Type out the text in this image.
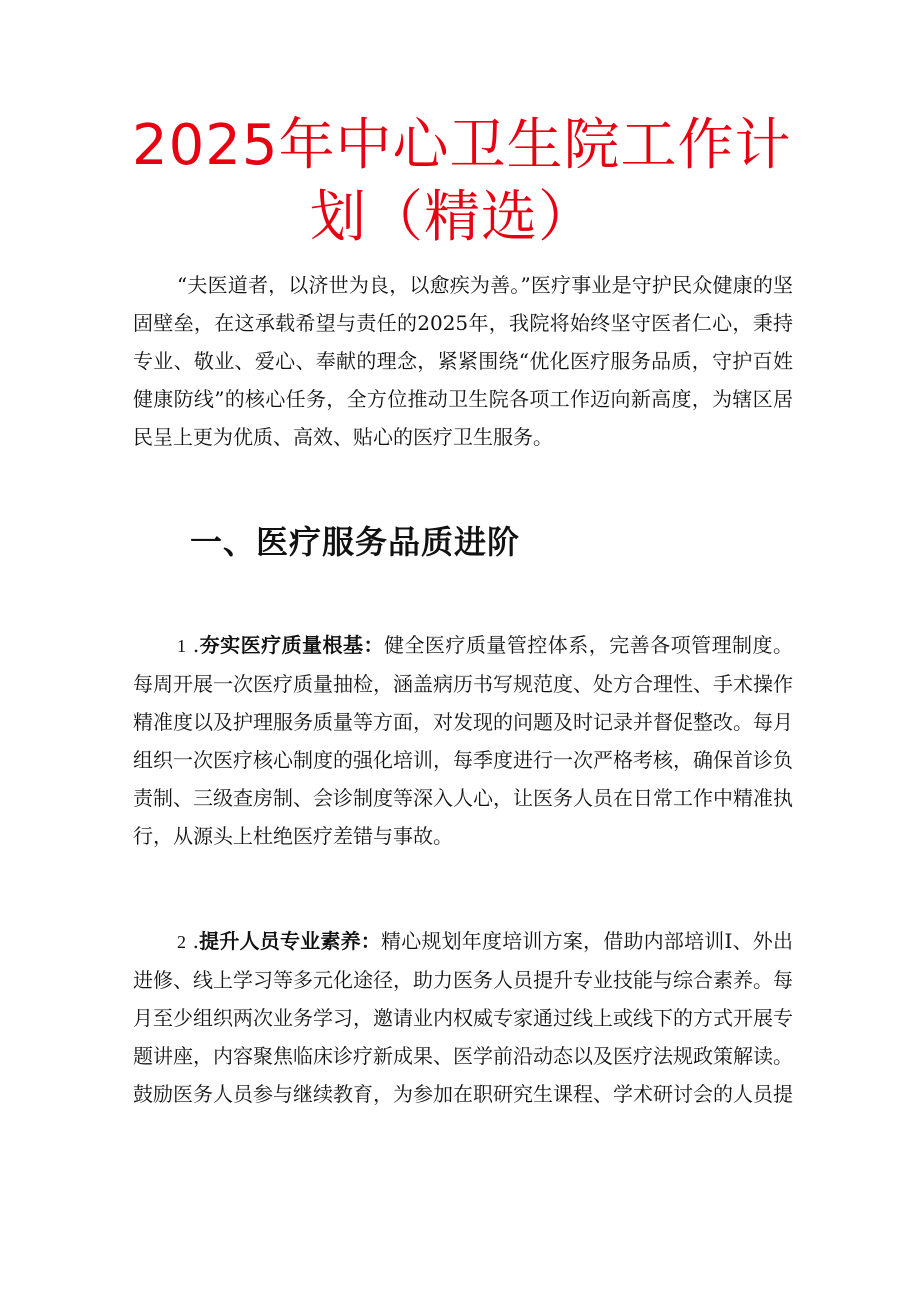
2025年中心卫生院工作计
划（精选）

“夫医道者，以济世为良，以愈疾为善。”医疗事业是守护民众健康的坚固壁垒，在这承载希望与责任的2025年，我院将始终坚守医者仁心，秉持专业、敬业、爱心、奉献的理念，紧紧围绕“优化医疗服务品质，守护百姓健康防线”的核心任务，全方位推动卫生院各项工作迈向新高度，为辖区居民呈上更为优质、高效、贴心的医疗卫生服务。

一、医疗服务品质进阶

1 .夯实医疗质量根基：健全医疗质量管控体系，完善各项管理制度。每周开展一次医疗质量抽检，涵盖病历书写规范度、处方合理性、手术操作精准度以及护理服务质量等方面，对发现的问题及时记录并督促整改。每月组织一次医疗核心制度的强化培训，每季度进行一次严格考核，确保首诊负责制、三级查房制、会诊制度等深入人心，让医务人员在日常工作中精准执行，从源头上杜绝医疗差错与事故。

2 .提升人员专业素养：精心规划年度培训方案，借助内部培训I、外出进修、线上学习等多元化途径，助力医务人员提升专业技能与综合素养。每月至少组织两次业务学习，邀请业内权威专家通过线上或线下的方式开展专题讲座，内容聚焦临床诊疗新成果、医学前沿动态以及医疗法规政策解读。鼓励医务人员参与继续教育，为参加在职研究生课程、学术研讨会的人员提
